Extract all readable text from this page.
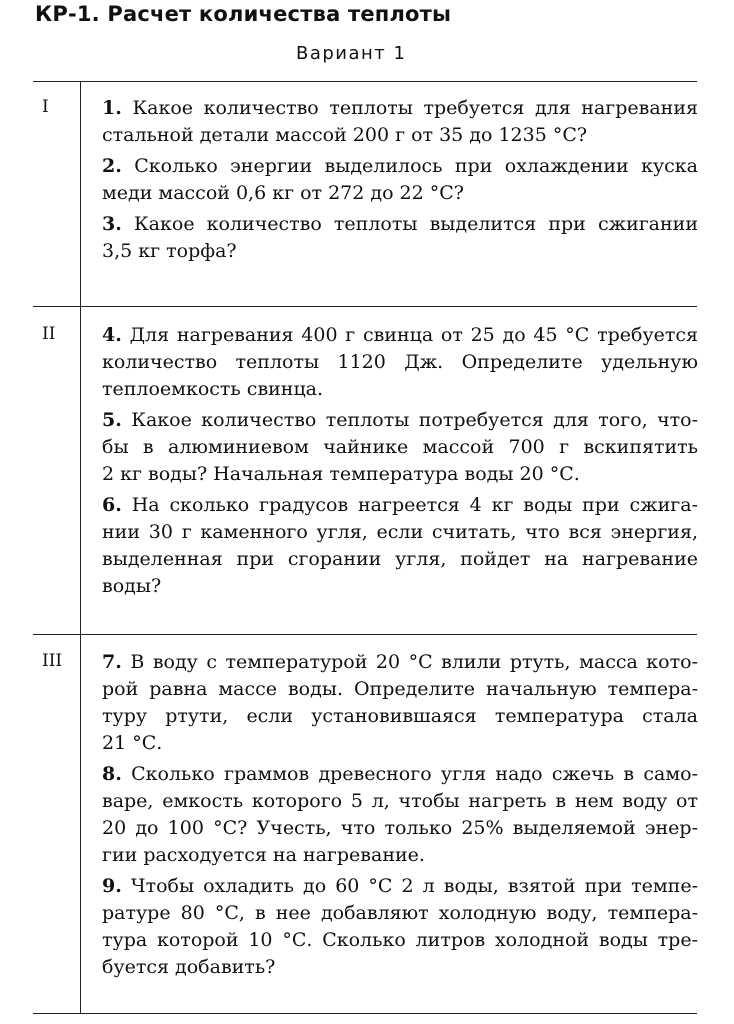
КР-1. Расчет количества теплоты
Вариант 1
I
II
III
1. Какое количество теплоты требуется для нагревания
стальной детали массой 200 г от 35 до 1235 °С?
2. Сколько энергии выделилось при охлаждении куска
меди массой 0,6 кг от 272 до 22 °С?
3. Какое количество теплоты выделится при сжигании
3,5 кг торфа?
4. Для нагревания 400 г свинца от 25 до 45 °С требуется
количество теплоты 1120 Дж. Определите удельную
теплоемкость свинца.
5. Какое количество теплоты потребуется для того, что-
бы в алюминиевом чайнике массой 700 г вскипятить
2 кг воды? Начальная температура воды 20 °С.
6. На сколько градусов нагреется 4 кг воды при сжига-
нии 30 г каменного угля, если считать, что вся энергия,
выделенная при сгорании угля, пойдет на нагревание
воды?
7. В воду с температурой 20 °С влили ртуть, масса кото-
рой равна массе воды. Определите начальную темпера-
туру ртути, если установившаяся температура стала
21 °С.
8. Сколько граммов древесного угля надо сжечь в само-
варе, емкость которого 5 л, чтобы нагреть в нем воду от
20 до 100 °С? Учесть, что только 25% выделяемой энер-
гии расходуется на нагревание.
9. Чтобы охладить до 60 °С 2 л воды, взятой при темпе-
ратуре 80 °С, в нее добавляют холодную воду, темпера-
тура которой 10 °С. Сколько литров холодной воды тре-
буется добавить?
